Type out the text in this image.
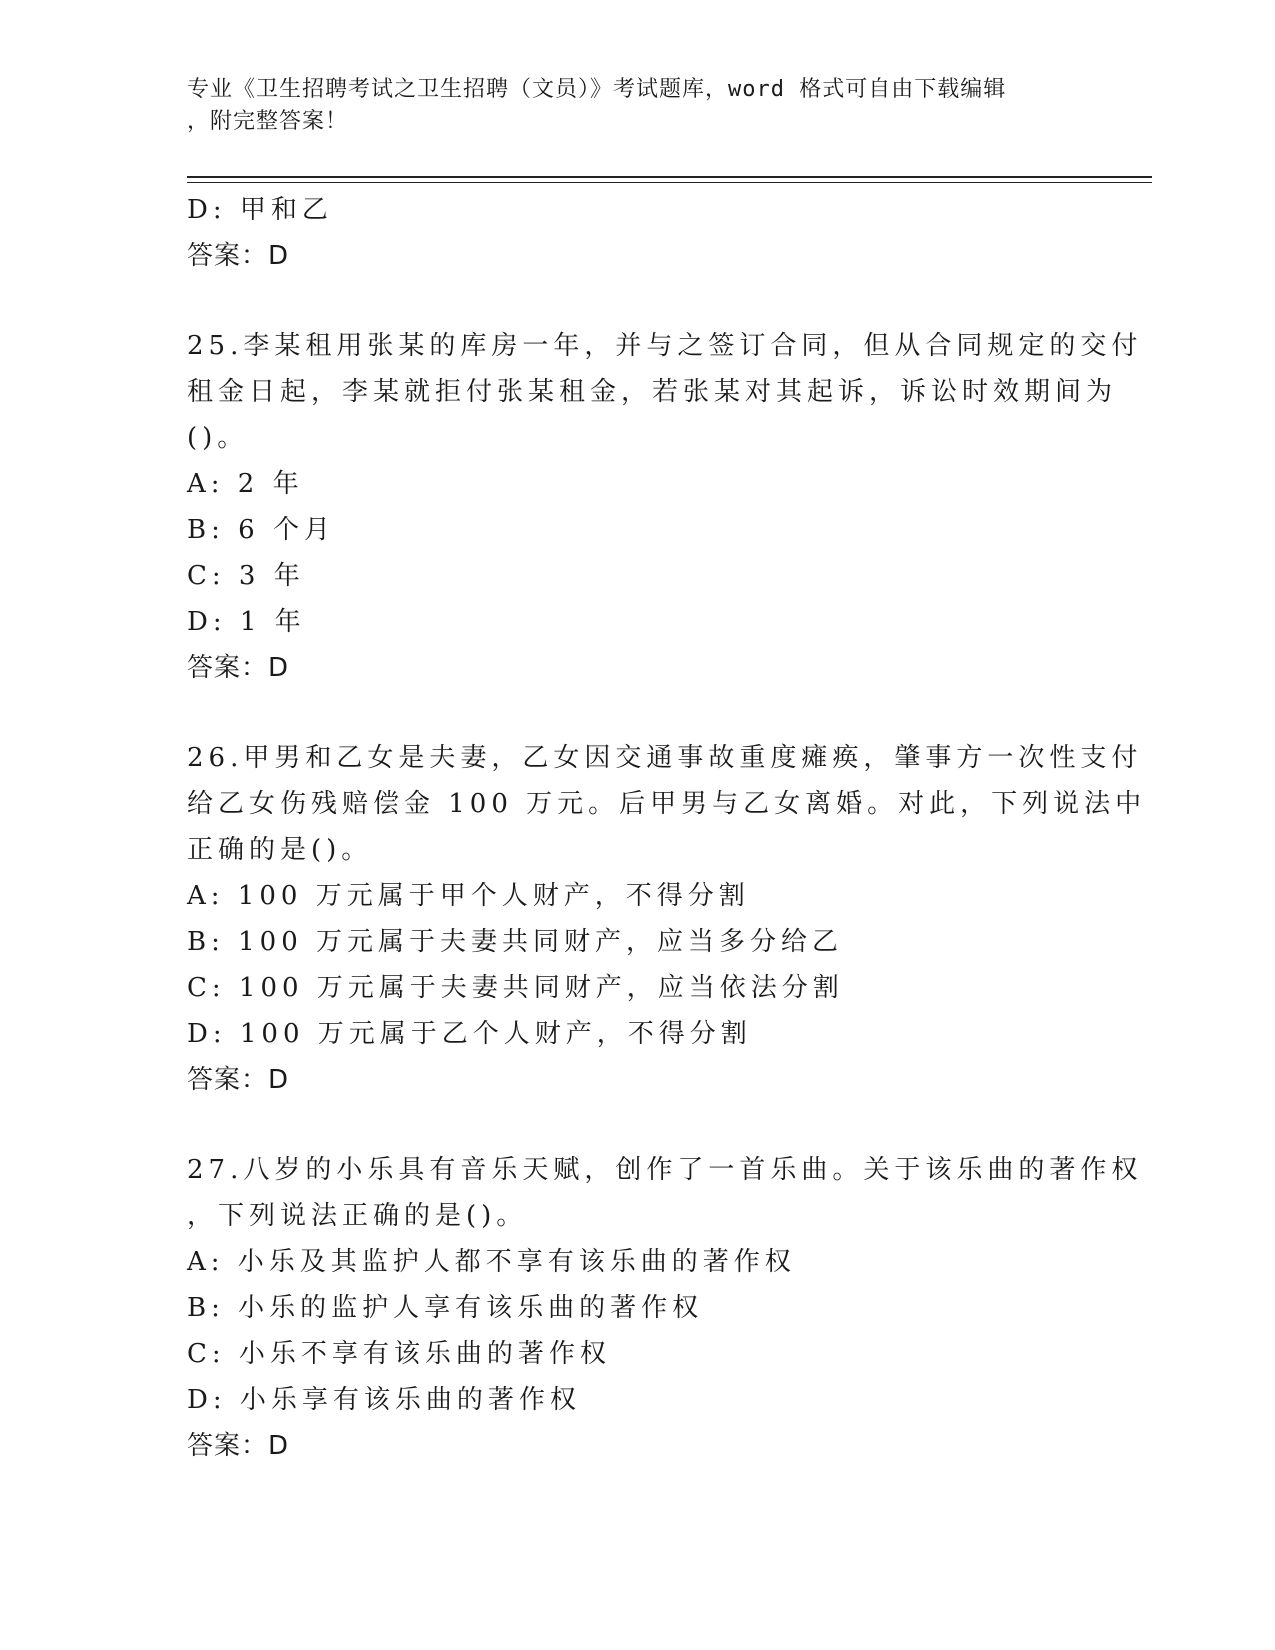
专业《卫生招聘考试之卫生招聘（文员）》考试题库，word 格式可自由下载编辑
，附完整答案！
D: 甲和乙
答案：D
25.李某租用张某的库房一年，并与之签订合同，但从合同规定的交付
租金日起，李某就拒付张某租金，若张某对其起诉，诉讼时效期间为
()。
A: 2 年
B: 6 个月
C: 3 年
D: 1 年
答案：D
26.甲男和乙女是夫妻，乙女因交通事故重度瘫痪，肇事方一次性支付
给乙女伤残赔偿金 100 万元。后甲男与乙女离婚。对此，下列说法中
正确的是()。
A: 100 万元属于甲个人财产，不得分割
B: 100 万元属于夫妻共同财产，应当多分给乙
C: 100 万元属于夫妻共同财产，应当依法分割
D: 100 万元属于乙个人财产，不得分割
答案：D
27.八岁的小乐具有音乐天赋，创作了一首乐曲。关于该乐曲的著作权
，下列说法正确的是()。
A: 小乐及其监护人都不享有该乐曲的著作权
B: 小乐的监护人享有该乐曲的著作权
C: 小乐不享有该乐曲的著作权
D: 小乐享有该乐曲的著作权
答案：D
